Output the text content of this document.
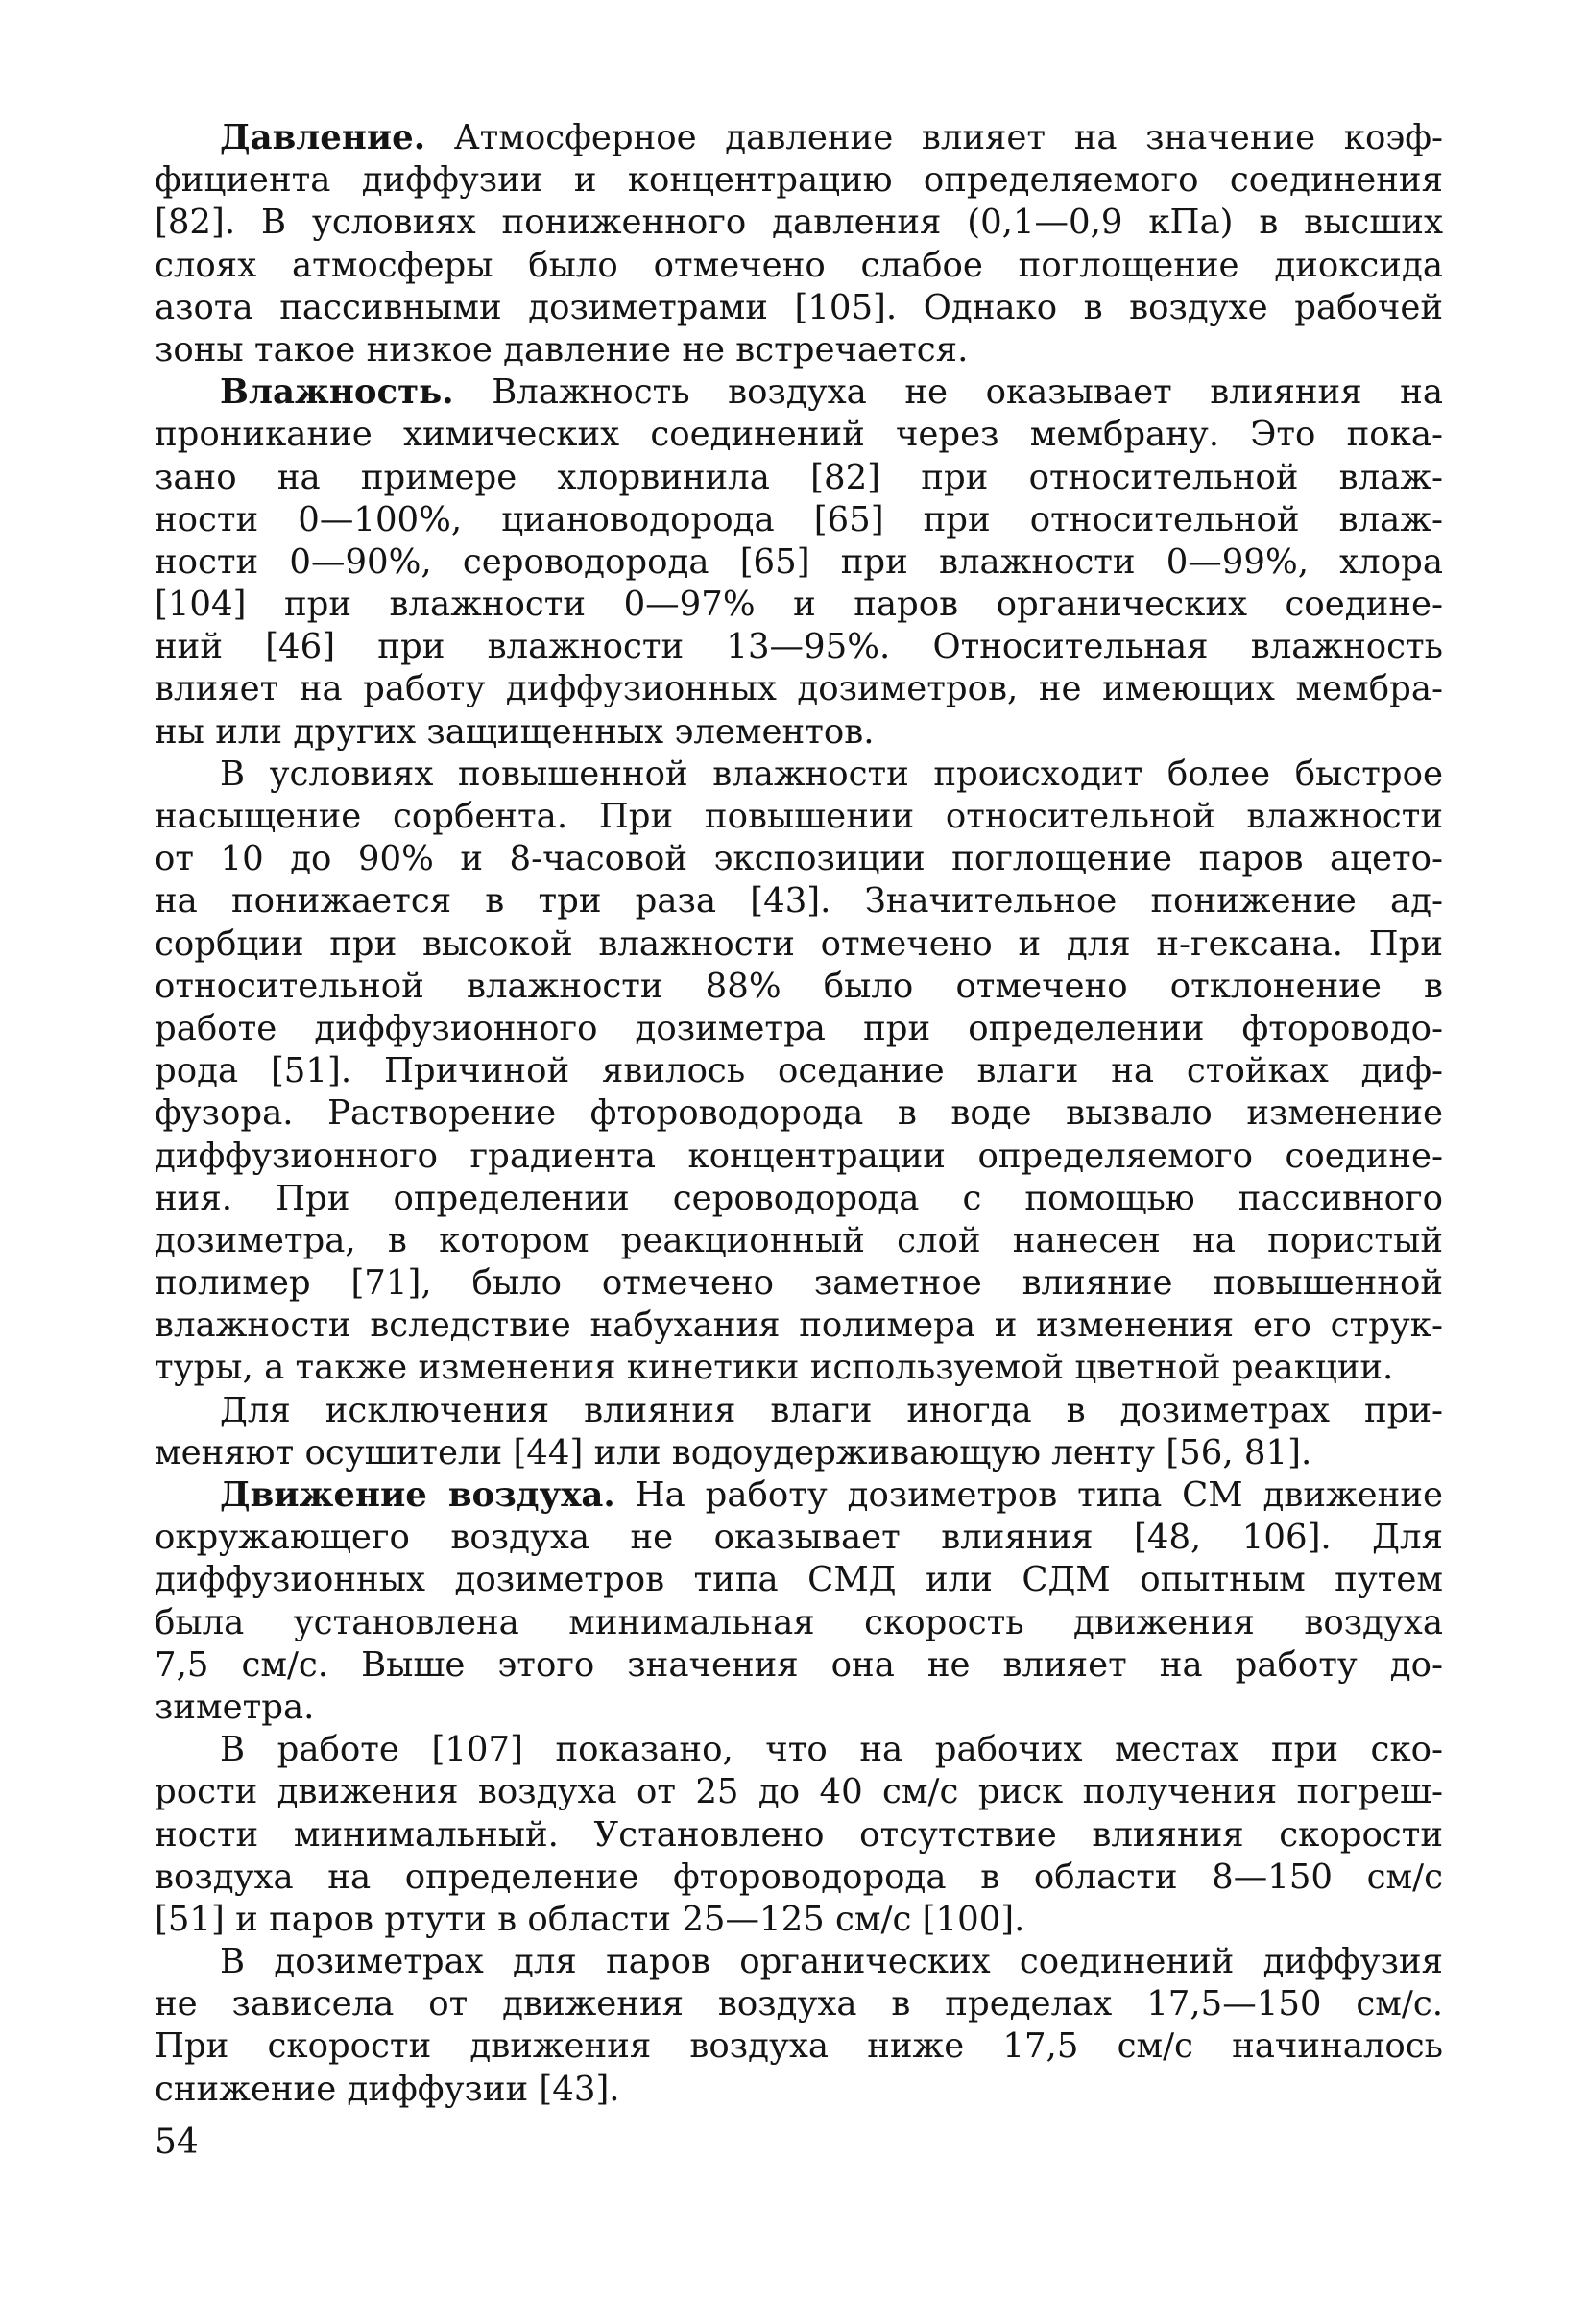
Давление. Атмосферное давление влияет на значение коэф-
фициента диффузии и концентрацию определяемого соединения
[82]. В условиях пониженного давления (0,1—0,9 кПа) в высших
слоях атмосферы было отмечено слабое поглощение диоксида
азота пассивными дозиметрами [105]. Однако в воздухе рабочей
зоны такое низкое давление не встречается.
Влажность. Влажность воздуха не оказывает влияния на
проникание химических соединений через мембрану. Это пока-
зано на примере хлорвинила [82] при относительной влаж-
ности 0—100%, циановодорода [65] при относительной влаж-
ности 0—90%, сероводорода [65] при влажности 0—99%, хлора
[104] при влажности 0—97% и паров органических соедине-
ний [46] при влажности 13—95%. Относительная влажность
влияет на работу диффузионных дозиметров, не имеющих мембра-
ны или других защищенных элементов.
В условиях повышенной влажности происходит более быстрое
насыщение сорбента. При повышении относительной влажности
от 10 до 90% и 8-часовой экспозиции поглощение паров ацето-
на понижается в три раза [43]. Значительное понижение ад-
сорбции при высокой влажности отмечено и для н-гексана. При
относительной влажности 88% было отмечено отклонение в
работе диффузионного дозиметра при определении фтороводо-
рода [51]. Причиной явилось оседание влаги на стойках диф-
фузора. Растворение фтороводорода в воде вызвало изменение
диффузионного градиента концентрации определяемого соедине-
ния. При определении сероводорода с помощью пассивного
дозиметра, в котором реакционный слой нанесен на пористый
полимер [71], было отмечено заметное влияние повышенной
влажности вследствие набухания полимера и изменения его струк-
туры, а также изменения кинетики используемой цветной реакции.
Для исключения влияния влаги иногда в дозиметрах при-
меняют осушители [44] или водоудерживающую ленту [56, 81].
Движение воздуха. На работу дозиметров типа СМ движение
окружающего воздуха не оказывает влияния [48, 106]. Для
диффузионных дозиметров типа СМД или СДМ опытным путем
была установлена минимальная скорость движения воздуха
7,5 см/с. Выше этого значения она не влияет на работу до-
зиметра.
В работе [107] показано, что на рабочих местах при ско-
рости движения воздуха от 25 до 40 см/с риск получения погреш-
ности минимальный. Установлено отсутствие влияния скорости
воздуха на определение фтороводорода в области 8—150 см/с
[51] и паров ртути в области 25—125 см/с [100].
В дозиметрах для паров органических соединений диффузия
не зависела от движения воздуха в пределах 17,5—150 см/с.
При скорости движения воздуха ниже 17,5 см/с начиналось
снижение диффузии [43].
54
